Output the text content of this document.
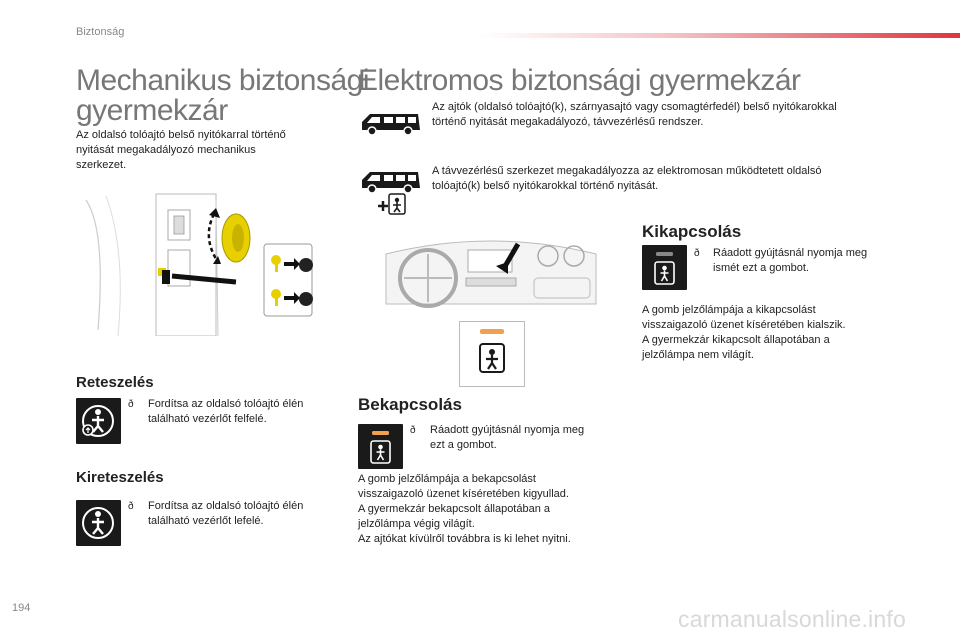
Biztonság
Mechanikus biztonsági
gyermekzár
Az oldalsó tolóajtó belső nyitókarral történő
nyitását megakadályozó mechanikus
szerkezet.
Reteszelés
ð
Fordítsa az oldalsó tolóajtó élén
található vezérlőt felfelé.
Kireteszelés
ð
Fordítsa az oldalsó tolóajtó élén
található vezérlőt lefelé.
Elektromos biztonsági gyermekzár
Az ajtók (oldalsó tolóajtó(k), szárnyasajtó vagy csomagtérfedél) belső nyitókarokkal
történő nyitását megakadályozó, távvezérlésű rendszer.
A távvezérlésű szerkezet megakadályozza az elektromosan működtetett oldalsó
tolóajtó(k) belső nyitókarokkal történő nyitását.
Bekapcsolás
ð
Ráadott gyújtásnál nyomja meg
ezt a gombot.
A gomb jelzőlámpája a bekapcsolást
visszaigazoló üzenet kíséretében kigyullad.
A gyermekzár bekapcsolt állapotában a
jelzőlámpa végig világít.
Az ajtókat kívülről továbbra is ki lehet nyitni.
Kikapcsolás
ð
Ráadott gyújtásnál nyomja meg
ismét ezt a gombot.
A gomb jelzőlámpája a kikapcsolást
visszaigazoló üzenet kíséretében kialszik.
A gyermekzár kikapcsolt állapotában a
jelzőlámpa nem világít.
194	carmanualsonline.info
